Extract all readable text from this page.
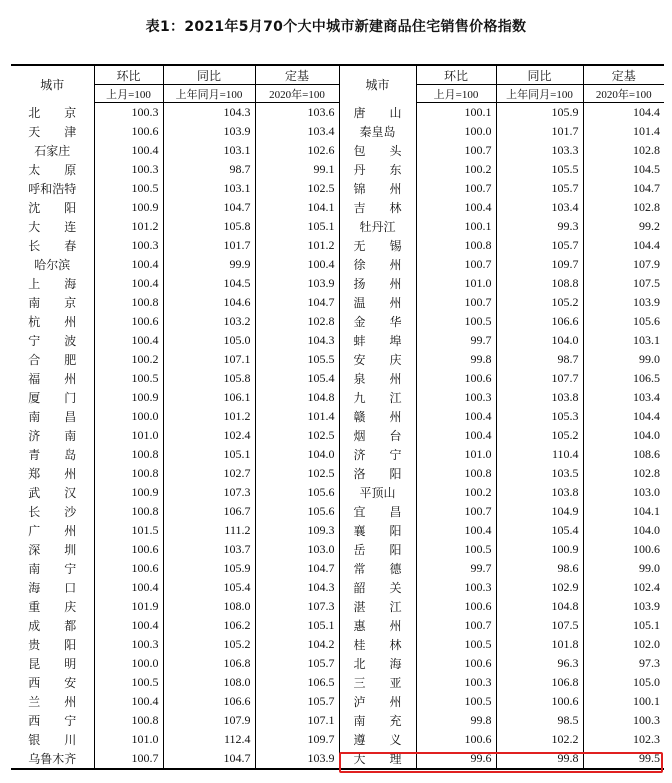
表1：2021年5月70个大中城市新建商品住宅销售价格指数
城市	环比	同比	定基	城市	环比	同比	定基
	上月=100	上年同月=100	2020年=100		上月=100	上年同月=100	2020年=100
北　　京	100.3	104.3	103.6	唐　　山	100.1	105.9	104.4
天　　津	100.6	103.9	103.4	秦皇岛	100.0	101.7	101.4
石家庄	100.4	103.1	102.6	包　　头	100.7	103.3	102.8
太　　原	100.3	98.7	99.1	丹　　东	100.2	105.5	104.5
呼和浩特	100.5	103.1	102.5	锦　　州	100.7	105.7	104.7
沈　　阳	100.9	104.7	104.1	吉　　林	100.4	103.4	102.8
大　　连	101.2	105.8	105.1	牡丹江	100.1	99.3	99.2
长　　春	100.3	101.7	101.2	无　　锡	100.8	105.7	104.4
哈尔滨	100.4	99.9	100.4	徐　　州	100.7	109.7	107.9
上　　海	100.4	104.5	103.9	扬　　州	101.0	108.8	107.5
南　　京	100.8	104.6	104.7	温　　州	100.7	105.2	103.9
杭　　州	100.6	103.2	102.8	金　　华	100.5	106.6	105.6
宁　　波	100.4	105.0	104.3	蚌　　埠	99.7	104.0	103.1
合　　肥	100.2	107.1	105.5	安　　庆	99.8	98.7	99.0
福　　州	100.5	105.8	105.4	泉　　州	100.6	107.7	106.5
厦　　门	100.9	106.1	104.8	九　　江	100.3	103.8	103.4
南　　昌	100.0	101.2	101.4	赣　　州	100.4	105.3	104.4
济　　南	101.0	102.4	102.5	烟　　台	100.4	105.2	104.0
青　　岛	100.8	105.1	104.0	济　　宁	101.0	110.4	108.6
郑　　州	100.8	102.7	102.5	洛　　阳	100.8	103.5	102.8
武　　汉	100.9	107.3	105.6	平顶山	100.2	103.8	103.0
长　　沙	100.8	106.7	105.6	宜　　昌	100.7	104.9	104.1
广　　州	101.5	111.2	109.3	襄　　阳	100.4	105.4	104.0
深　　圳	100.6	103.7	103.0	岳　　阳	100.5	100.9	100.6
南　　宁	100.6	105.9	104.7	常　　德	99.7	98.6	99.0
海　　口	100.4	105.4	104.3	韶　　关	100.3	102.9	102.4
重　　庆	101.9	108.0	107.3	湛　　江	100.6	104.8	103.9
成　　都	100.4	106.2	105.1	惠　　州	100.7	107.5	105.1
贵　　阳	100.3	105.2	104.2	桂　　林	100.5	101.8	102.0
昆　　明	100.0	106.8	105.7	北　　海	100.6	96.3	97.3
西　　安	100.5	108.0	106.5	三　　亚	100.3	106.8	105.0
兰　　州	100.4	106.6	105.7	泸　　州	100.5	100.6	100.1
西　　宁	100.8	107.9	107.1	南　　充	99.8	98.5	100.3
银　　川	101.0	112.4	109.7	遵　　义	100.6	102.2	102.3
乌鲁木齐	100.7	104.7	103.9	大　　理	99.6	99.8	99.5
